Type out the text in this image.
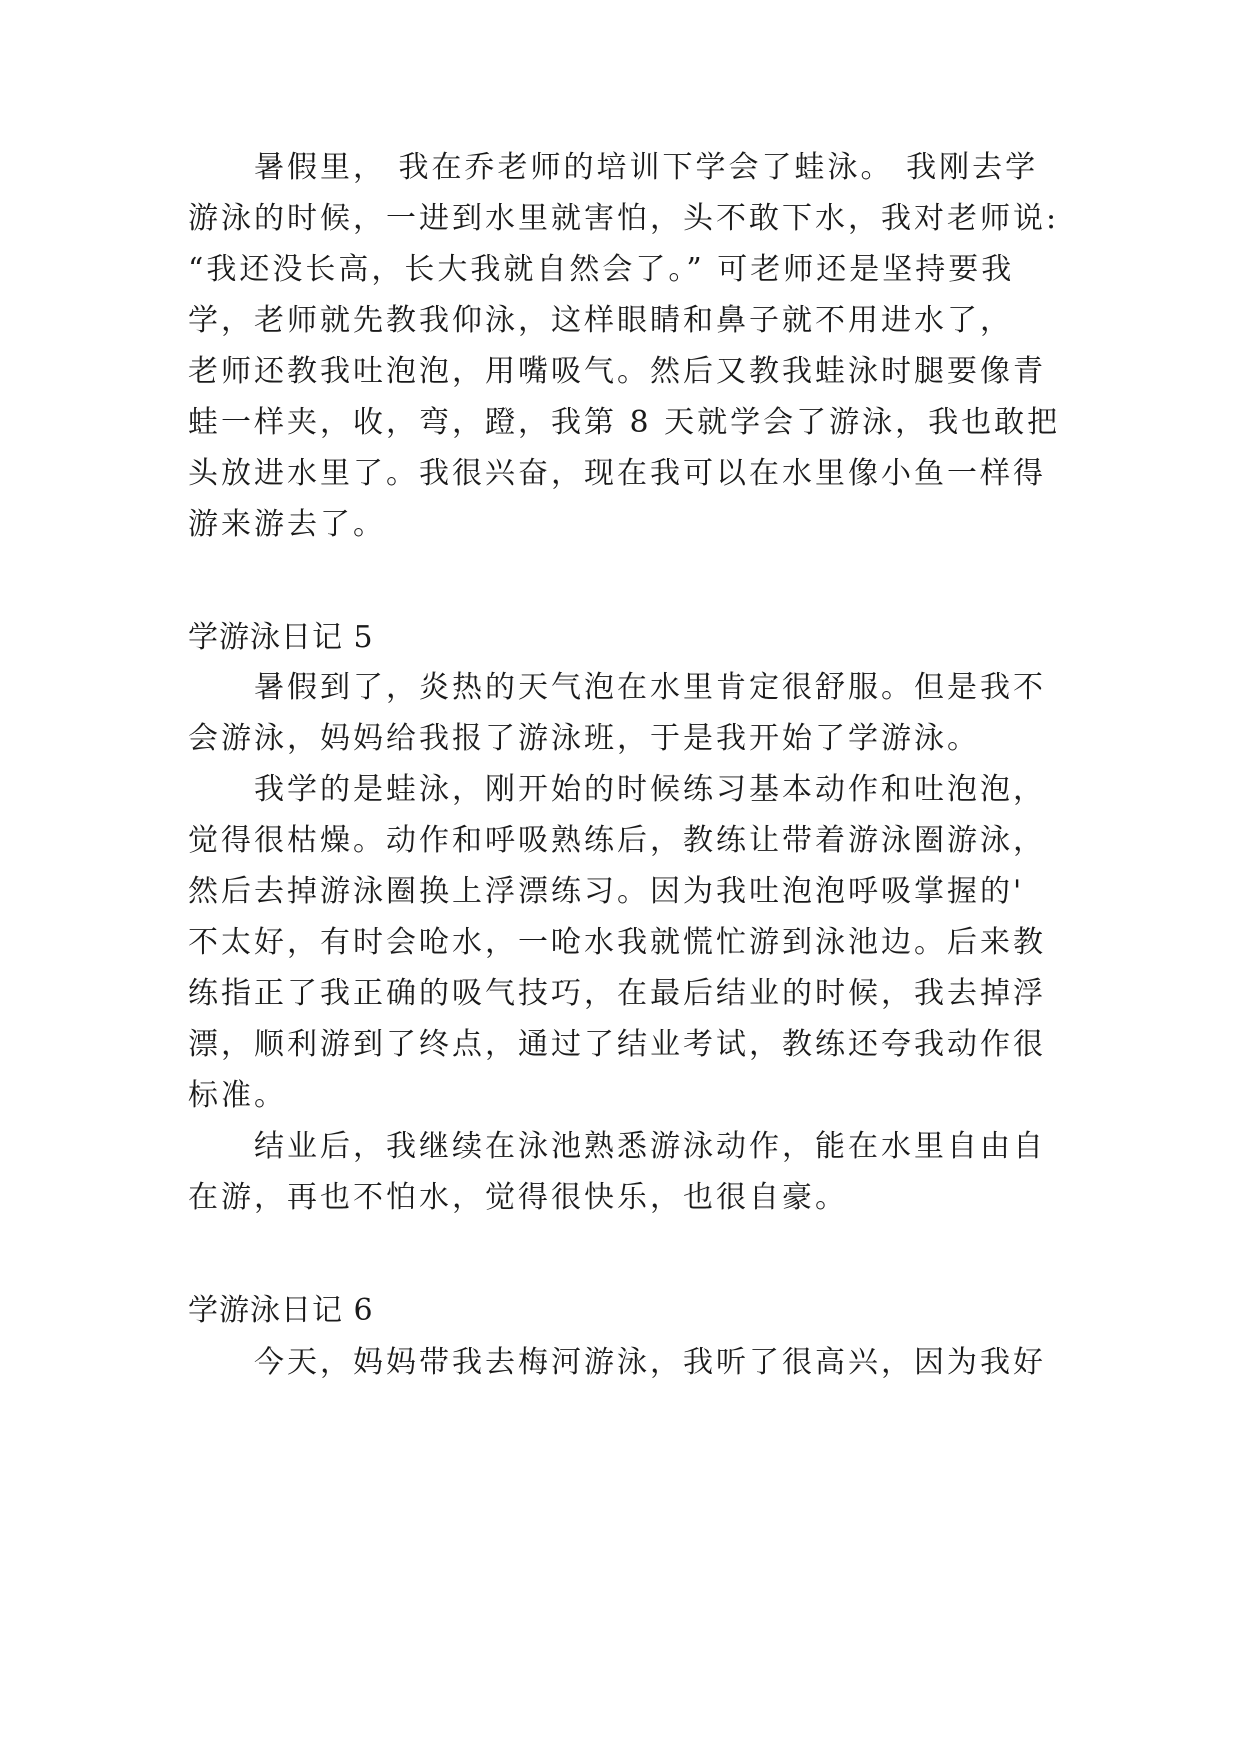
暑假里， 我在乔老师的培训下学会了蛙泳。 我刚去学
游泳的时候，一进到水里就害怕，头不敢下水，我对老师说:
“我还没长高，长大我就自然会了。” 可老师还是坚持要我
学，老师就先教我仰泳，这样眼睛和鼻子就不用进水了，
老师还教我吐泡泡，用嘴吸气。然后又教我蛙泳时腿要像青
蛙一样夹，收，弯，蹬，我第 8 天就学会了游泳，我也敢把
头放进水里了。我很兴奋，现在我可以在水里像小鱼一样得
游来游去了。
学游泳日记 5
暑假到了，炎热的天气泡在水里肯定很舒服。但是我不
会游泳，妈妈给我报了游泳班，于是我开始了学游泳。
我学的是蛙泳，刚开始的时候练习基本动作和吐泡泡，
觉得很枯燥。动作和呼吸熟练后，教练让带着游泳圈游泳，
然后去掉游泳圈换上浮漂练习。因为我吐泡泡呼吸掌握的'
不太好，有时会呛水，一呛水我就慌忙游到泳池边。后来教
练指正了我正确的吸气技巧，在最后结业的时候，我去掉浮
漂，顺利游到了终点，通过了结业考试，教练还夸我动作很
标准。
结业后，我继续在泳池熟悉游泳动作，能在水里自由自
在游，再也不怕水，觉得很快乐，也很自豪。
学游泳日记 6
今天，妈妈带我去梅河游泳，我听了很高兴，因为我好
